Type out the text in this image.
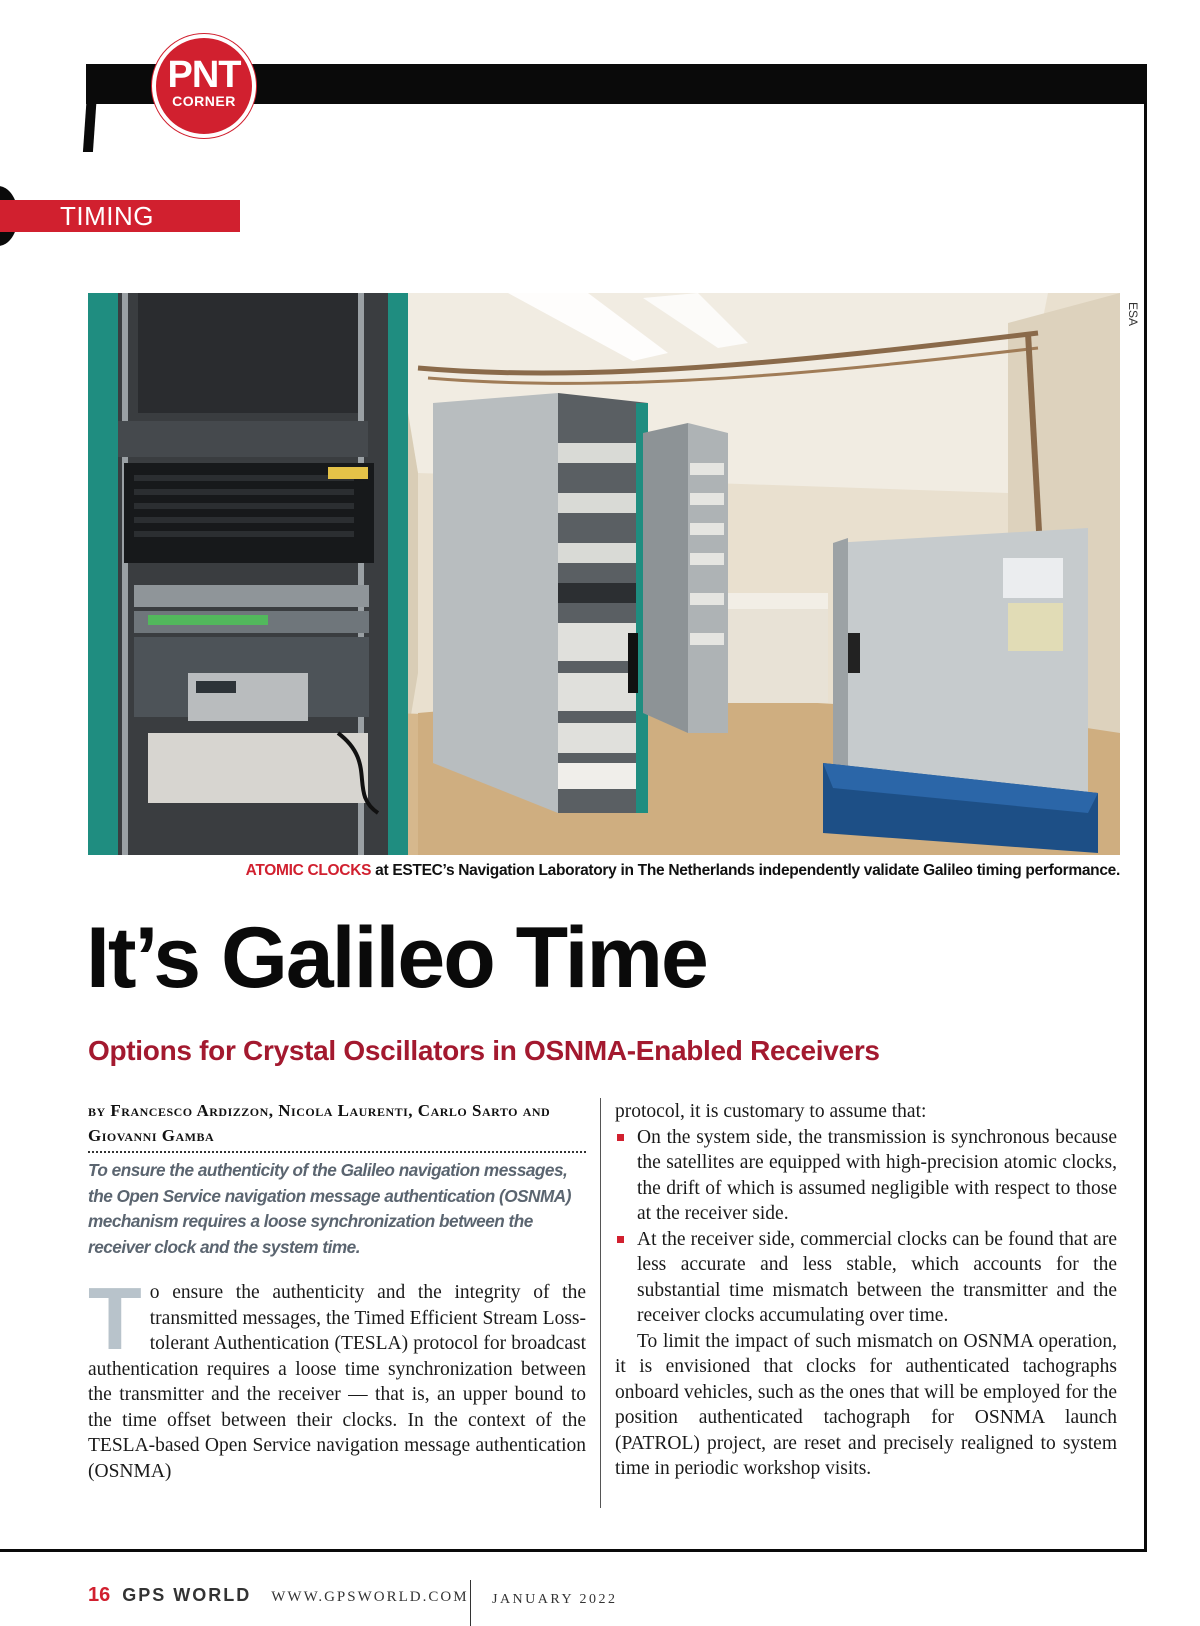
PNT
CORNER
TIMING
ESA
ATOMIC CLOCKS at ESTEC’s Navigation Laboratory in The Netherlands independently validate Galileo timing performance.
It’s Galileo Time
Options for Crystal Oscillators in OSNMA-Enabled Receivers
by Francesco Ardizzon, Nicola Laurenti, Carlo Sarto and Giovanni Gamba
To ensure the authenticity of the Galileo navigation messages, the Open Service navigation message authentication (OSNMA) mechanism requires a loose synchronization between the receiver clock and the system time.
To ensure the authenticity and the integrity of the transmitted messages, the Timed Efficient Stream Loss-tolerant Authentication (TESLA) protocol for broadcast authentication requires a loose time synchronization between the transmitter and the receiver — that is, an upper bound to the time offset between their clocks. In the context of the TESLA-based Open Service navigation message authentication (OSNMA)

protocol, it is customary to assume that:

On the system side, the transmission is synchronous because the satellites are equipped with high-precision atomic clocks, the drift of which is assumed negligible with respect to those at the receiver side.
At the receiver side, commercial clocks can be found that are less accurate and less stable, which accounts for the substantial time mismatch between the transmitter and the receiver clocks accumulating over time.

To limit the impact of such mismatch on OSNMA operation, it is envisioned that clocks for authenticated tachographs onboard vehicles, such as the ones that will be employed for the position authenticated tachograph for OSNMA launch (PATROL) project, are reset and precisely realigned to system time in periodic workshop visits.

16 GPS WORLD WWW.GPSWORLD.COM JANUARY 2022
